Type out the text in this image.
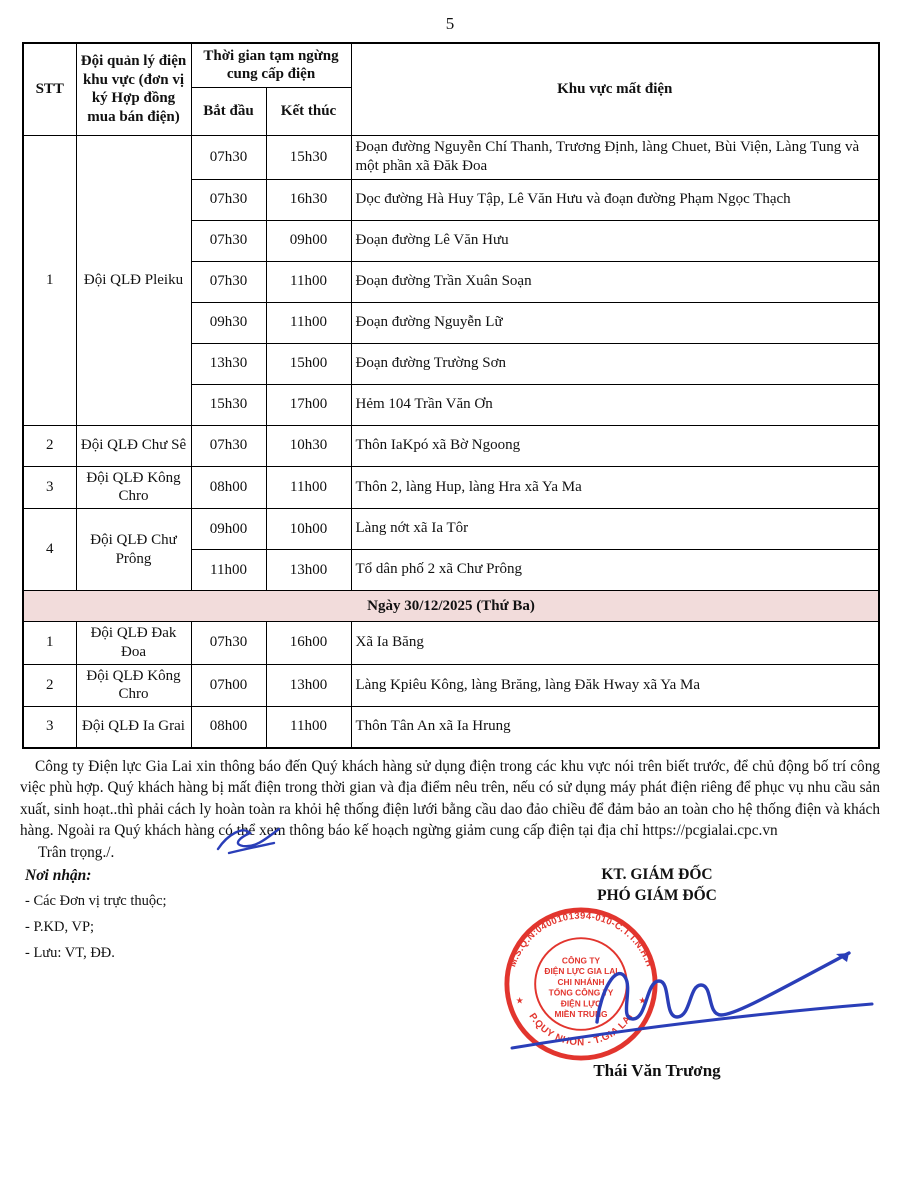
5
STT	Đội quản lý điện khu vực (đơn vị ký Hợp đồng mua bán điện)	Thời gian tạm ngừng cung cấp điện		Khu vực mất điện
		Bắt đầu	Kết thúc	
1	Đội QLĐ Pleiku	07h30	15h30	Đoạn đường Nguyễn Chí Thanh, Trương Định, làng Chuet, Bùi Viện, Làng Tung và một phần xã Đăk Đoa
		07h30	16h30	Dọc đường Hà Huy Tập, Lê Văn Hưu và đoạn đường Phạm Ngọc Thạch
		07h30	09h00	Đoạn đường Lê Văn Hưu
		07h30	11h00	Đoạn đường Trần Xuân Soạn
		09h30	11h00	Đoạn đường Nguyễn Lữ
		13h30	15h00	Đoạn đường Trường Sơn
		15h30	17h00	Hẻm 104 Trần Văn Ơn
2	Đội QLĐ Chư Sê	07h30	10h30	Thôn IaKpó xã Bờ Ngoong
3	Đội QLĐ Kông Chro	08h00	11h00	Thôn 2, làng Hup, làng Hra xã Ya Ma
4	Đội QLĐ Chư Prông	09h00	10h00	Làng nớt xã Ia Tôr
		11h00	13h00	Tổ dân phố 2 xã Chư Prông
Ngày 30/12/2025 (Thứ Ba)				
1	Đội QLĐ Đak Đoa	07h30	16h00	Xã Ia Băng
2	Đội QLĐ Kông Chro	07h00	13h00	Làng Kpiêu Kông, làng Brăng, làng Đăk Hway xã Ya Ma
3	Đội QLĐ Ia Grai	08h00	11h00	Thôn Tân An xã Ia Hrung
Công ty Điện lực Gia Lai xin thông báo đến Quý khách hàng sử dụng điện trong các khu vực nói trên biết trước, để chủ động bố trí công việc phù hợp. Quý khách hàng bị mất điện trong thời gian và địa điểm nêu trên, nếu có sử dụng máy phát điện riêng để phục vụ nhu cầu sản xuất, sinh hoạt..thì phải cách ly hoàn toàn ra khỏi hệ thống điện lưới bằng cầu dao đảo chiều để đảm bảo an toàn cho hệ thống điện và khách hàng. Ngoài ra Quý khách hàng có thể xem thông báo kế hoạch ngừng giảm cung cấp điện tại địa chỉ https://pcgialai.cpc.vn
Trân trọng./.
Nơi nhận:
- Các Đơn vị trực thuộc;
- P.KD, VP;
- Lưu: VT, ĐĐ.
KT. GIÁM ĐỐC
PHÓ GIÁM ĐỐC
M.S.Q.N:0400101394-010-C.T.T.N.H.H
P.QUY NHON - T.GIA LAI
★	★
CÔNG TY
ĐIỆN LỰC GIA LAI
CHI NHÁNH
TỔNG CÔNG TY
ĐIỆN LỰC
MIỀN TRUNG
Thái Văn Trương
